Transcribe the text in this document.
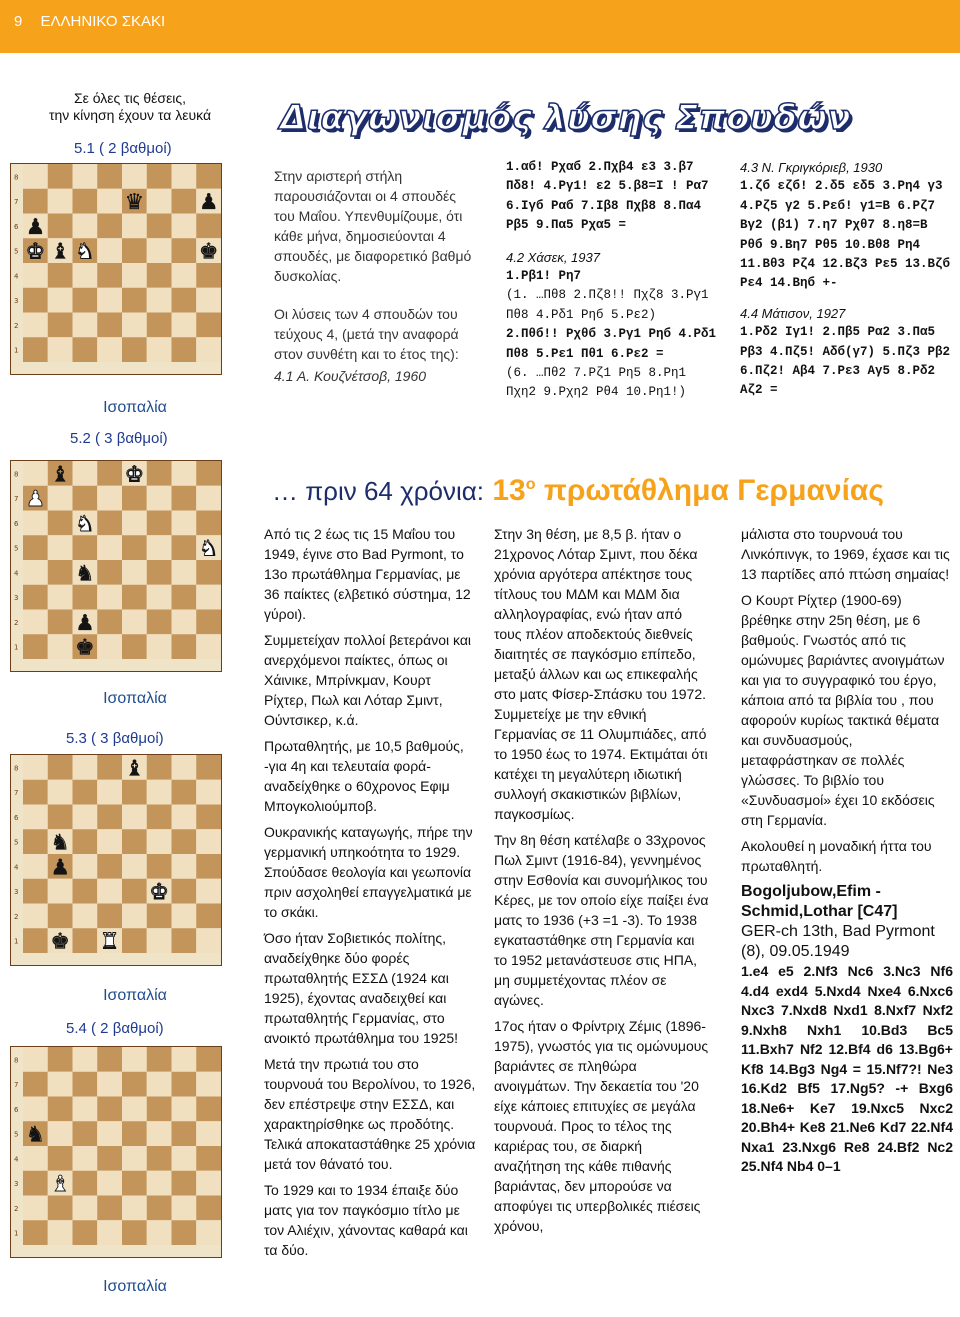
9 ΕΛΛΗΝΙΚΟ ΣΚΑΚΙ
Σε όλες τις θέσεις,
την κίνηση έχουν τα λευκά
5.1 ( 2 βαθμοί)
8
7
6
5
4
3
2
1
♛	♟
♟
♝
♚ ♞	♚
Ισοπαλία
5.2 ( 3 βαθμοί)
8
7
6
5
4
3
2
1
♝	♚
♟
♞
♞
♞
♟
♚
Ισοπαλία
5.3 ( 3 βαθμοί)
8
7
6
5
4
3
2
1
♝
♞
♟
♚
♚ ♜
Ισοπαλία
5.4 ( 2 βαθμοί)
8
7
6
5
4
3
2
1
♞
♝
Ισοπαλία
Διαγωνισμός λύσης Σπουδών

Στην αριστερή στήλη παρουσιάζονται οι 4 σπουδές του Μαΐου. Υπενθυμίζουμε, ότι κάθε μήνα, δημοσιεύονται 4 σπουδές, με διαφορετικό βαθμό δυσκολίας.

Οι λύσεις των 4 σπουδών του τεύχους 4, (μετά την αναφορά στον συνθέτη και το έτος της):

4.1 Α. Κουζνέτσοβ, 1960
1.αб! Ρχαб 2.Πχβ4 ε3 3.β7 Πδ8! 4.Ργ1! ε2 5.β8=Ι ! Ρα7 6.Ιγб Ραб 7.Ιβ8 Πχβ8 8.Πα4 Ρβ5 9.Πα5 Ρχα5 =
4.2 Χάσεκ, 1937
1.Ρβ1! Ρη7
(1. …Πθ8 2.Πζ8!! Πχζ8 3.Ργ1 Πθ8 4.Ρδ1 Ρηб 5.Ρε2)
2.Πθб!! Ρχθб 3.Ργ1 Ρηб 4.Ρδ1 Πθ8 5.Ρε1 Πθ1 6.Ρε2 =
(6. …Πθ2 7.Ρζ1 Ρη5 8.Ρη1 Πχη2 9.Ρχη2 Ρθ4 10.Ρη1!)
4.3 Ν. Γκριγκόριεβ, 1930
1.ζб εζб! 2.δ5 εδ5 3.Ρη4 γ3 4.Ρζ5 γ2 5.Ρεб! γ1=Β 6.Ρζ7 Βγ2 (β1) 7.η7 Ρχθ7 8.η8=Β Ρθб 9.Βη7 Ρθ5 10.Βθ8 Ρη4 11.Βθ3 Ρζ4 12.Βζ3 Ρε5 13.Βζб Ρε4 14.Βηб +-
4.4 Μάτισον, 1927
1.Ρδ2 Ιγ1! 2.Πβ5 Ρα2 3.Πα5 Ρβ3 4.Πζ5! Αδб(γ7) 5.Πζ3 Ρβ2 6.Πζ2! Αβ4 7.Ρε3 Αγ5 8.Ρδ2 Αζ2 =
… πριν 64 χρόνια: $13^o$ πρωτάθλημα Γερμανίας

Από τις 2 έως τις 15 Μαΐου του 1949, έγινε στο Bad Pyrmont, το 13ο πρωτάθλημα Γερμανίας, με 36 παίκτες (ελβετικό σύστημα, 12 γύροι).

Συμμετείχαν πολλοί βετεράνοι και ανερχόμενοι παίκτες, όπως οι Χάινικε, Μπρίνκμαν, Κουρτ Ρίχτερ, Πωλ και Λόταρ Σμιντ, Ούντσικερ, κ.ά.

Πρωταθλητής, με 10,5 βαθμούς, -για 4η και τελευταία φορά- αναδείχθηκε ο 60χρονος Εφιμ Μπογκολιούμποβ.

Ουκρανικής καταγωγής, πήρε την γερμανική υπηκοότητα το 1929. Σπούδασε θεολογία και γεωπονία πριν ασχοληθεί επαγγελματικά με το σκάκι.

Όσο ήταν Σοβιετικός πολίτης, αναδείχθηκε δύο φορές πρωταθλητής ΕΣΣΔ (1924 και 1925), έχοντας αναδειχθεί και πρωταθλητής Γερμανίας, στο ανοικτό πρωτάθλημα του 1925!

Μετά την πρωτιά του στο τουρνουά του Βερολίνου, το 1926, δεν επέστρεψε στην ΕΣΣΔ, και χαρακτηρίσθηκε ως προδότης. Τελικά αποκαταστάθηκε 25 χρόνια μετά τον θάνατό του.

Το 1929 και το 1934 έπαιξε δύο ματς για τον παγκόσμιο τίτλο με τον Αλιέχιν, χάνοντας καθαρά και τα δύο.

Στην 3η θέση, με 8,5 β. ήταν ο 21χρονος Λόταρ Σμιντ, που δέκα χρόνια αργότερα απέκτησε τους τίτλους του ΜΔΜ και ΜΔΜ δια αλληλογραφίας, ενώ ήταν από τους πλέον αποδεκτούς διεθνείς διαιτητές σε παγκόσμιο επίπεδο, μεταξύ άλλων και ως επικεφαλής στο ματς Φίσερ-Σπάσκυ του 1972. Συμμετείχε με την εθνική Γερμανίας σε 11 Ολυμπιάδες, από το 1950 έως το 1974. Εκτιμάται ότι κατέχει τη μεγαλύτερη ιδιωτική συλλογή σκακιστικών βιβλίων, παγκοσμίως.

Την 8η θέση κατέλαβε ο 33χρονος Πωλ Σμιντ (1916-84), γεννημένος στην Εσθονία και συνομήλικος του Κέρες, με τον οποίο είχε παίξει ένα ματς το 1936 (+3 =1 -3). Το 1938 εγκαταστάθηκε στη Γερμανία και το 1952 μετανάστευσε στις ΗΠΑ, μη συμμετέχοντας πλέον σε αγώνες.

17ος ήταν ο Φρίντριχ Ζέμις (1896-1975), γνωστός για τις ομώνυμους βαριάντες σε πληθώρα ανοιγμάτων. Την δεκαετία του '20 είχε κάποιες επιτυχίες σε μεγάλα τουρνουά. Προς το τέλος της καριέρας του, σε διαρκή αναζήτηση της κάθε πιθανής βαριάντας, δεν μπορούσε να αποφύγει τις υπερβολικές πιέσεις χρόνου,

μάλιστα στο τουρνουά του Λινκόπινγκ, το 1969, έχασε και τις 13 παρτίδες από πτώση σημαίας!

Ο Κουρτ Ρίχτερ (1900-69) βρέθηκε στην 25η θέση, με 6 βαθμούς. Γνωστός από τις ομώνυμες βαριάντες ανοιγμάτων και για το συγγραφικό του έργο, κάποια από τα βιβλία του , που αφορούν κυρίως τακτικά θέματα και συνδυασμούς, μεταφράστηκαν σε πολλές γλώσσες. Το βιβλίο του «Συνδυασμοί» έχει 10 εκδόσεις στη Γερμανία.

Ακολουθεί η μοναδική ήττα του πρωταθλητή.

Bogoljubow,Efim - Schmid,Lothar [C47]
GER-ch 13th, Bad Pyrmont (8), 09.05.1949
1.e4 e5 2.Nf3 Nc6 3.Nc3 Nf6 4.d4 exd4 5.Nxd4 Nxe4 6.Nxc6 Nxc3 7.Nxd8 Nxd1 8.Nxf7 Nxf2 9.Nxh8 Nxh1 10.Bd3 Bc5 11.Bxh7 Nf2 12.Bf4 d6 13.Bg6+ Kf8 14.Bg3 Ng4 = 15.Nf7?! Ne3 16.Kd2 Bf5 17.Ng5? -+ Bxg6 18.Ne6+ Ke7 19.Nxc5 Nxc2 20.Bh4+ Ke8 21.Ne6 Kd7 22.Nf4 Nxa1 23.Nxg6 Re8 24.Bf2 Nc2 25.Nf4 Nb4 0–1
